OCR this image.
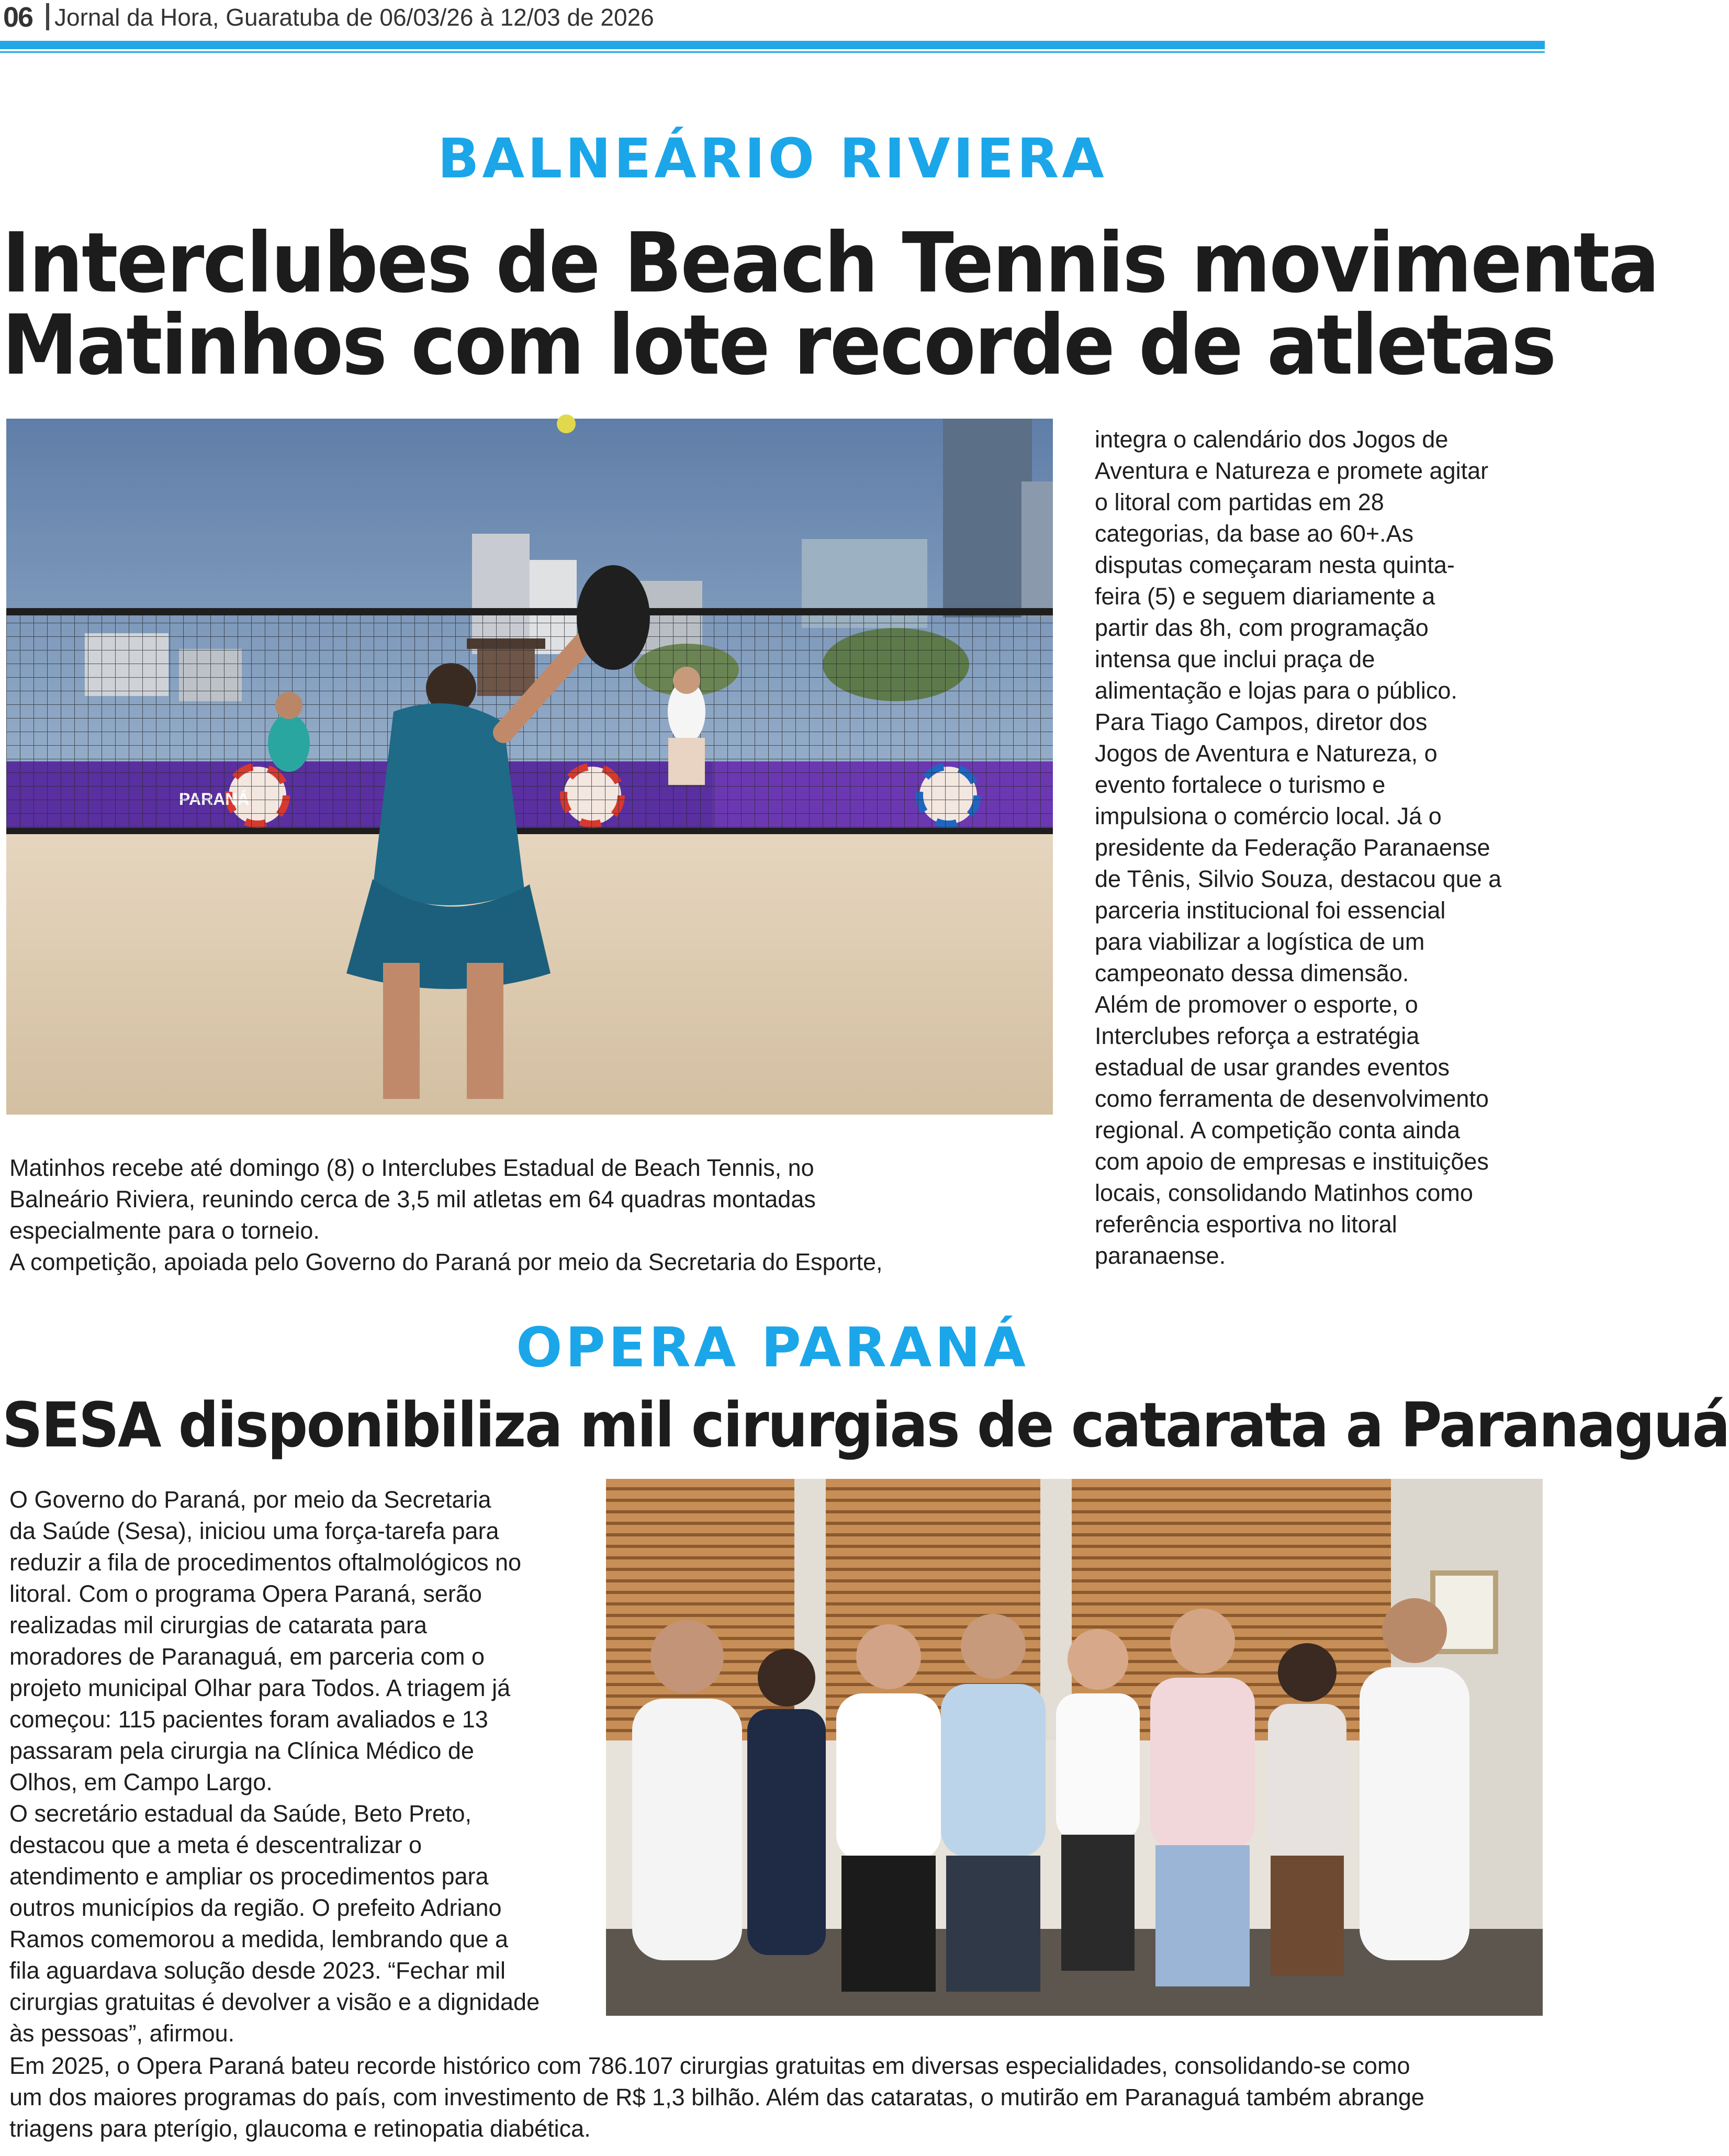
06 Jornal da Hora, Guaratuba de 06/03/26 à 12/03 de 2026
BALNEÁRIO RIVIERA
Interclubes de Beach Tennis movimenta
Matinhos com lote recorde de atletas
Matinhos recebe até domingo (8) o Interclubes Estadual de Beach Tennis, no
Balneário Riviera, reunindo cerca de 3,5 mil atletas em 64 quadras montadas
especialmente para o torneio.
A competição, apoiada pelo Governo do Paraná por meio da Secretaria do Esporte,
integra o calendário dos Jogos de
Aventura e Natureza e promete agitar
o litoral com partidas em 28
categorias, da base ao 60+.As
disputas começaram nesta quinta-
feira (5) e seguem diariamente a
partir das 8h, com programação
intensa que inclui praça de
alimentação e lojas para o público.
Para Tiago Campos, diretor dos
Jogos de Aventura e Natureza, o
evento fortalece o turismo e
impulsiona o comércio local. Já o
presidente da Federação Paranaense
de Tênis, Silvio Souza, destacou que a
parceria institucional foi essencial
para viabilizar a logística de um
campeonato dessa dimensão.
Além de promover o esporte, o
Interclubes reforça a estratégia
estadual de usar grandes eventos
como ferramenta de desenvolvimento
regional. A competição conta ainda
com apoio de empresas e instituições
locais, consolidando Matinhos como
referência esportiva no litoral
paranaense.
OPERA PARANÁ
SESA disponibiliza mil cirurgias de catarata a Paranaguá
O Governo do Paraná, por meio da Secretaria
da Saúde (Sesa), iniciou uma força-tarefa para
reduzir a fila de procedimentos oftalmológicos no
litoral. Com o programa Opera Paraná, serão
realizadas mil cirurgias de catarata para
moradores de Paranaguá, em parceria com o
projeto municipal Olhar para Todos. A triagem já
começou: 115 pacientes foram avaliados e 13
passaram pela cirurgia na Clínica Médico de
Olhos, em Campo Largo.
O secretário estadual da Saúde, Beto Preto,
destacou que a meta é descentralizar o
atendimento e ampliar os procedimentos para
outros municípios da região. O prefeito Adriano
Ramos comemorou a medida, lembrando que a
fila aguardava solução desde 2023. “Fechar mil
cirurgias gratuitas é devolver a visão e a dignidade
às pessoas”, afirmou.
Em 2025, o Opera Paraná bateu recorde histórico com 786.107 cirurgias gratuitas em diversas especialidades, consolidando-se como
um dos maiores programas do país, com investimento de R$ 1,3 bilhão. Além das cataratas, o mutirão em Paranaguá também abrange
triagens para pterígio, glaucoma e retinopatia diabética.
